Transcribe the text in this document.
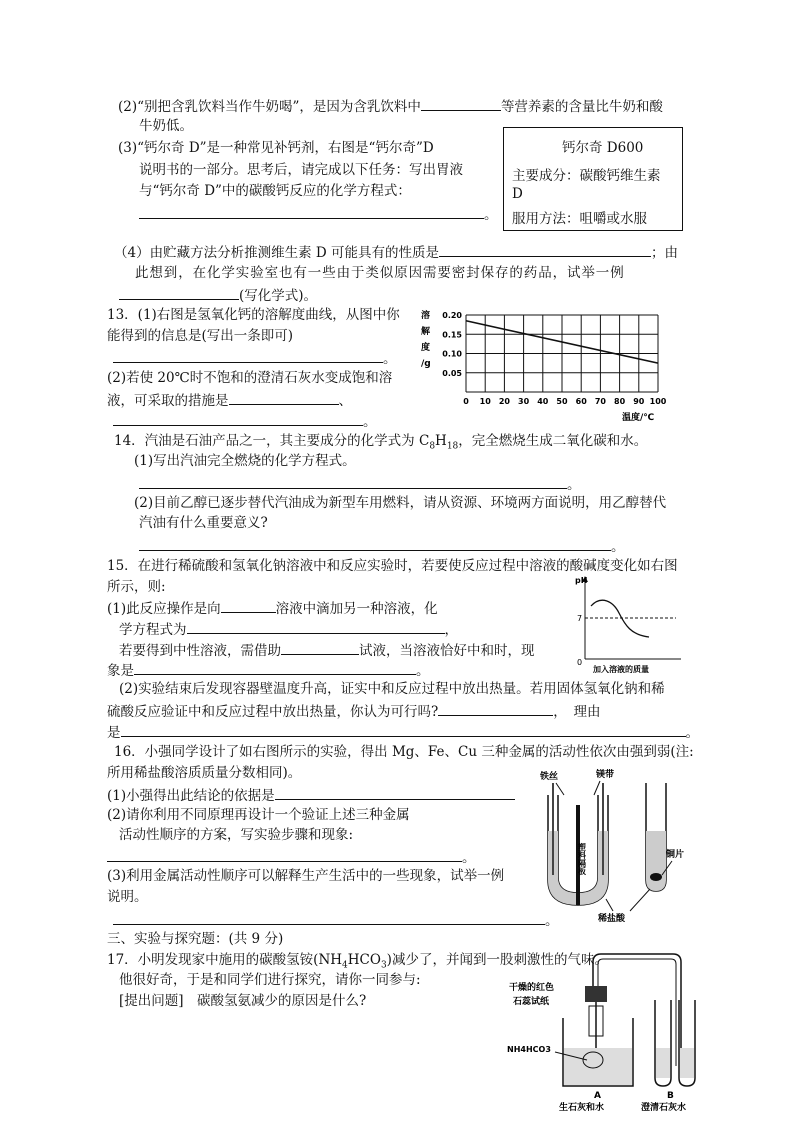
(2)“别把含乳饮料当作牛奶喝”，是因为含乳饮料中	等营养素的含量比牛奶和酸
牛奶低。
(3)“钙尔奇 D”是一种常见补钙剂，右图是“钙尔奇”D
说明书的一部分。思考后，请完成以下任务：写出胃液
与“钙尔奇 D”中的碳酸钙反应的化学方程式：
。
钙尔奇 D600
主要成分：碳酸钙维生素
D
服用方法：咀嚼或水服
（4）由贮藏方法分析推测维生素 D 可能具有的性质是	；由
此想到，在化学实验室也有一些由于类似原因需要密封保存的药品，试举一例
(写化学式)。
13．(1)右图是氢氧化钙的溶解度曲线，从图中你
能得到的信息是(写出一条即可)
。
(2)若使 20℃时不饱和的澄清石灰水变成饱和溶
液，可采取的措施是	、
。
溶
解
度
/g
0.05
0.10
0.15
0.20
0 10 20 30 40 50 60 70 80 90 100
温度/℃
14．汽油是石油产品之一，其主要成分的化学式为 $C_8H_{18}$，完全燃烧生成二氧化碳和水。
(1)写出汽油完全燃烧的化学方程式。
。
(2)目前乙醇已逐步替代汽油成为新型车用燃料，请从资源、环境两方面说明，用乙醇替代
汽油有什么重要意义?
。
15．在进行稀硫酸和氢氧化钠溶液中和反应实验时，若要使反应过程中溶液的酸碱度变化如右图
所示，则:
(1)此反应操作是向	溶液中滴加另一种溶液，化
学方程式为	，
若要得到中性溶液，需借助	试液，当溶液恰好中和时，现
象是	。
(2)实验结束后发现容器壁温度升高，证实中和反应过程中放出热量。若用固体氢氧化钠和稀
硫酸反应验证中和反应过程中放出热量，你认为可行吗?	，　理由
是	。
pH
7
0
加入溶液的质量
16．小强同学设计了如右图所示的实验，得出 Mg、Fe、Cu 三种金属的活动性依次由强到弱(注:
所用稀盐酸溶质质量分数相同)。
(1)小强得出此结论的依据是
(2)请你利用不同原理再设计一个验证上述三种金属
活动性顺序的方案，写实验步骤和现象:
。
(3)利用金属活动性顺序可以解释生产生活中的一些现象，试举一例
说明。
。
铁丝	镁带
塑料隔板	铜片
稀盐酸
三、实验与探究题：(共 9 分)
17．小明发现家中施用的碳酸氢铵$(NH_4HCO_3)$减少了，并闻到一股刺激性的气味。
他很好奇，于是和同学们进行探究，请你一同参与:
[提出问题]　碳酸氢氨减少的原因是什么?
干燥的红色
石蕊试纸
NH4HCO3
A	B
生石灰和水	澄清石灰水
